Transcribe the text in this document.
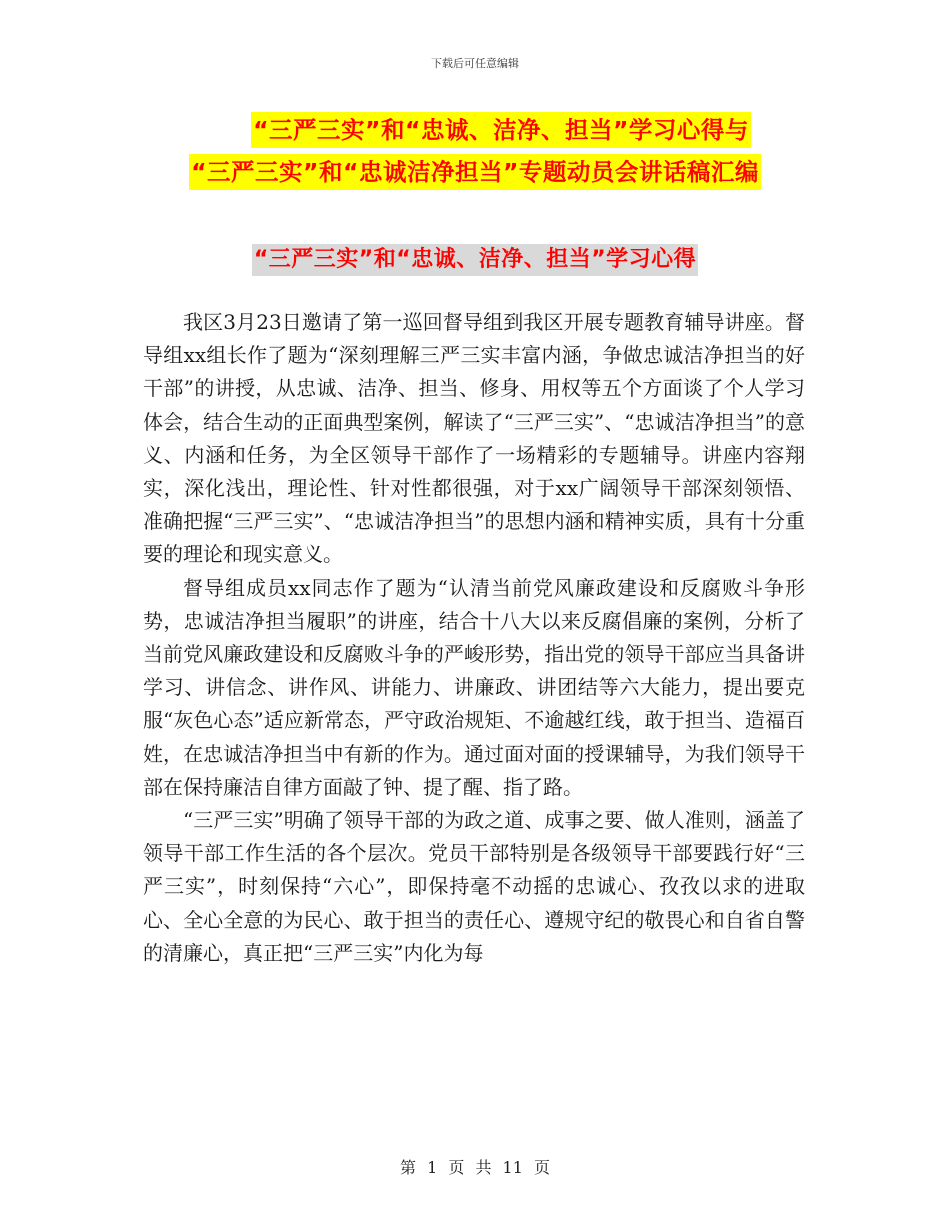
下载后可任意编辑
“三严三实”和“忠诚、洁净、担当”学习心得与
“三严三实”和“忠诚洁净担当”专题动员会讲话稿汇编
“三严三实”和“忠诚、洁净、担当”学习心得

我区3月23日邀请了第一巡回督导组到我区开展专题教育辅导讲座。督导组xx组长作了题为“深刻理解三严三实丰富内涵，争做忠诚洁净担当的好干部”的讲授，从忠诚、洁净、担当、修身、用权等五个方面谈了个人学习体会，结合生动的正面典型案例，解读了“三严三实”、“忠诚洁净担当”的意义、内涵和任务，为全区领导干部作了一场精彩的专题辅导。讲座内容翔实，深化浅出，理论性、针对性都很强，对于xx广阔领导干部深刻领悟、准确把握“三严三实”、“忠诚洁净担当”的思想内涵和精神实质，具有十分重要的理论和现实意义。

督导组成员xx同志作了题为“认清当前党风廉政建设和反腐败斗争形势，忠诚洁净担当履职”的讲座，结合十八大以来反腐倡廉的案例，分析了当前党风廉政建设和反腐败斗争的严峻形势，指出党的领导干部应当具备讲学习、讲信念、讲作风、讲能力、讲廉政、讲团结等六大能力，提出要克服“灰色心态”适应新常态，严守政治规矩、不逾越红线，敢于担当、造福百姓，在忠诚洁净担当中有新的作为。通过面对面的授课辅导，为我们领导干部在保持廉洁自律方面敲了钟、提了醒、指了路。

“三严三实”明确了领导干部的为政之道、成事之要、做人准则，涵盖了领导干部工作生活的各个层次。党员干部特别是各级领导干部要践行好“三严三实”，时刻保持“六心”，即保持毫不动摇的忠诚心、孜孜以求的进取心、全心全意的为民心、敢于担当的责任心、遵规守纪的敬畏心和自省自警的清廉心，真正把“三严三实”内化为每

第 1 页 共 11 页
